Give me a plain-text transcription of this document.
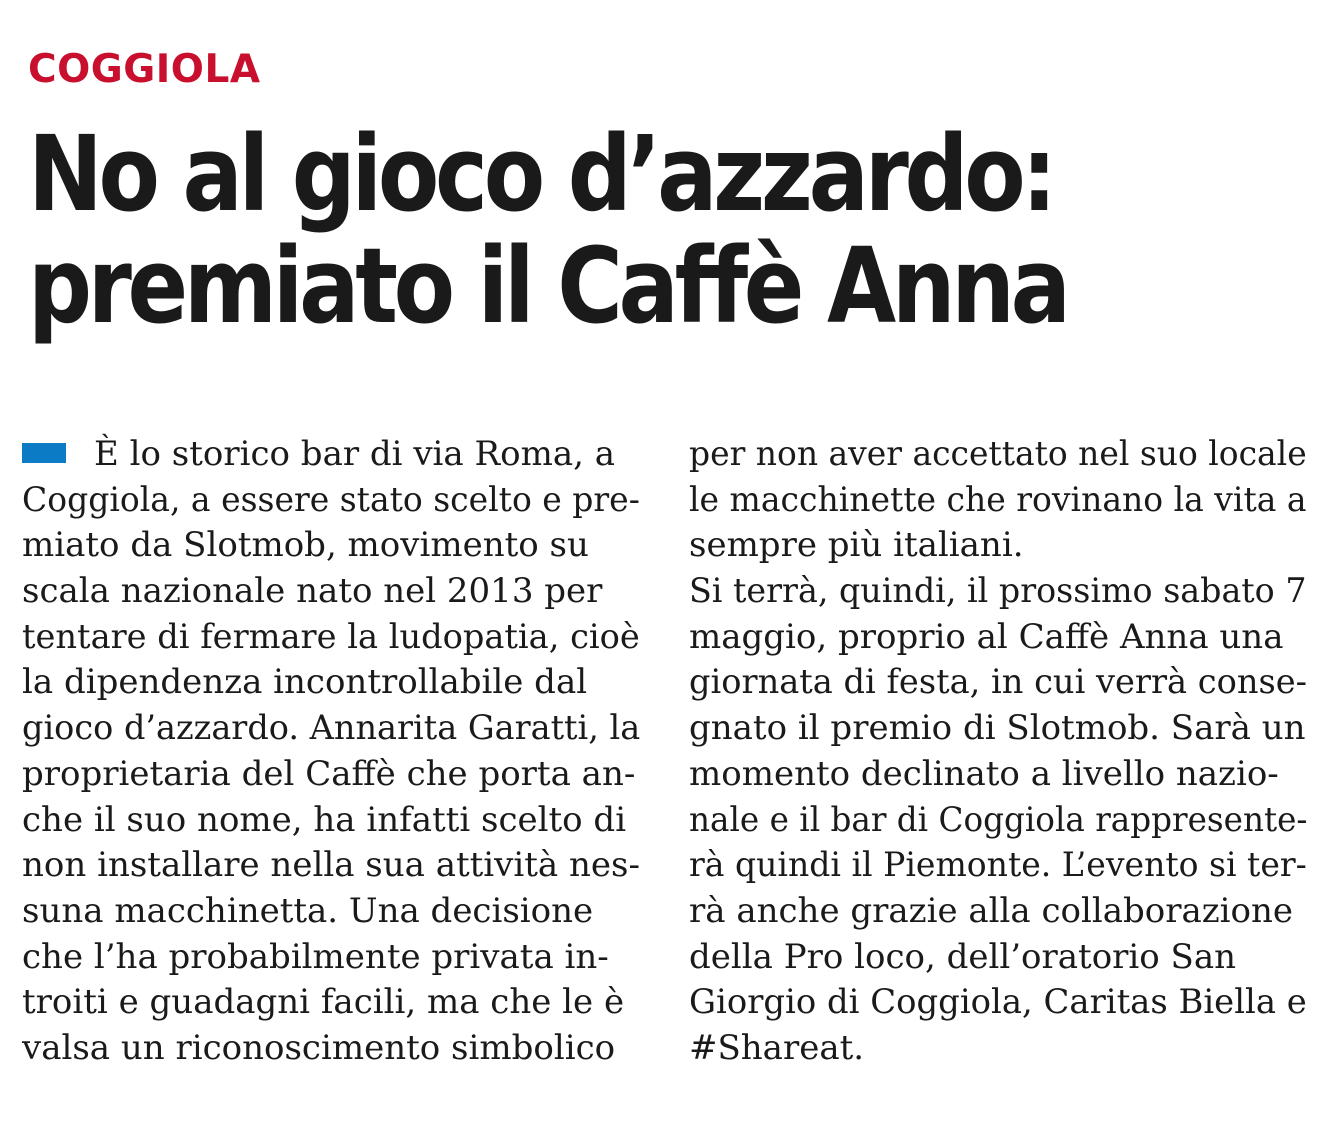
COGGIOLA
No al gioco d’azzardo:
premiato il Caffè Anna
È lo storico bar di via Roma, a
Coggiola, a essere stato scelto e pre-
miato da Slotmob, movimento su
scala nazionale nato nel 2013 per
tentare di fermare la ludopatia, cioè
la dipendenza incontrollabile dal
gioco d’azzardo. Annarita Garatti, la
proprietaria del Caffè che porta an-
che il suo nome, ha infatti scelto di
non installare nella sua attività nes-
suna macchinetta. Una decisione
che l’ha probabilmente privata in-
troiti e guadagni facili, ma che le è
valsa un riconoscimento simbolico
per non aver accettato nel suo locale
le macchinette che rovinano la vita a
sempre più italiani.
Si terrà, quindi, il prossimo sabato 7
maggio, proprio al Caffè Anna una
giornata di festa, in cui verrà conse-
gnato il premio di Slotmob. Sarà un
momento declinato a livello nazio-
nale e il bar di Coggiola rappresente-
rà quindi il Piemonte. L’evento si ter-
rà anche grazie alla collaborazione
della Pro loco, dell’oratorio San
Giorgio di Coggiola, Caritas Biella e
#Shareat.
